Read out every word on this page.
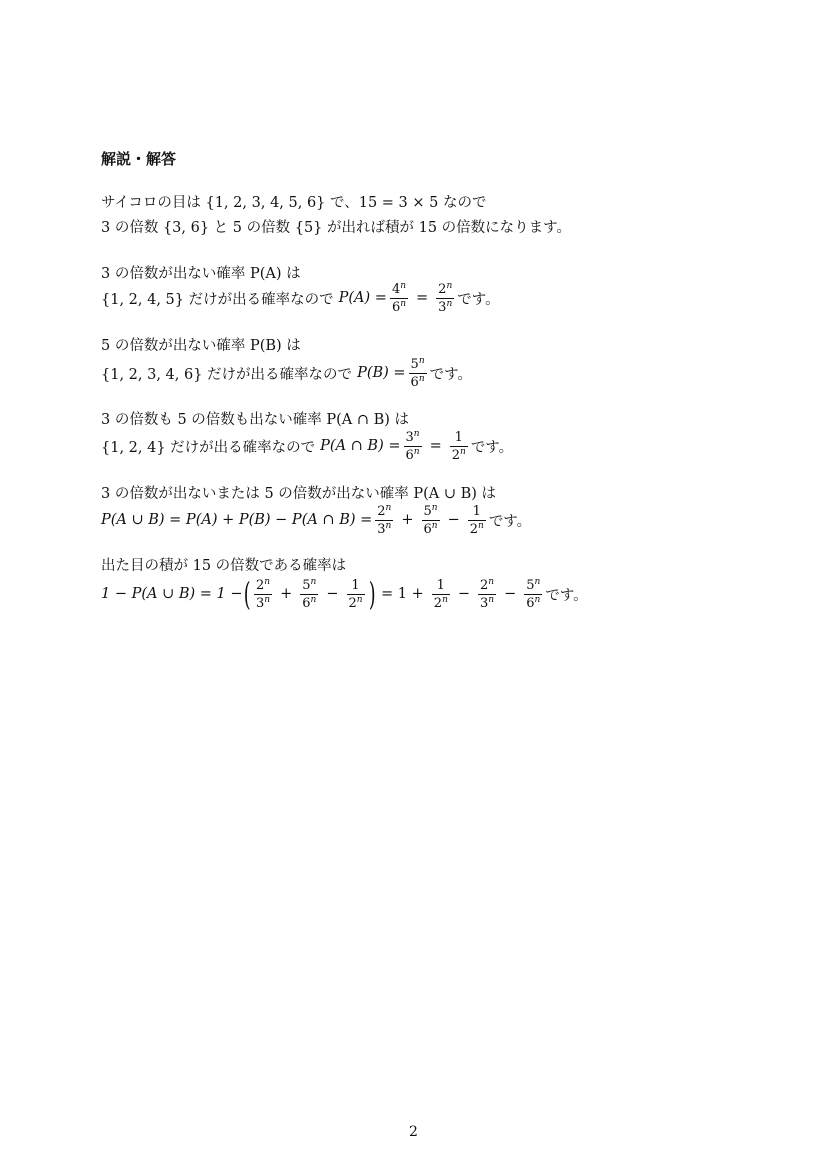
解説・解答
サイコロの目は {1, 2, 3, 4, 5, 6} で、15 = 3 × 5 なので
3 の倍数 {3, 6} と 5 の倍数 {5} が出れば積が 15 の倍数になります。
3 の倍数が出ない確率 P(A) は
{1, 2, 4, 5} だけが出る確率なので $P(A) = \frac{4^n}{6^n} = \frac{2^n}{3^n}$ です。
5 の倍数が出ない確率 P(B) は
{1, 2, 3, 4, 6} だけが出る確率なので $P(B) = \frac{5^n}{6^n}$ です。
3 の倍数も 5 の倍数も出ない確率 P(A ∩ B) は
{1, 2, 4} だけが出る確率なので P(A ∩ $B) = \frac{3^n}{6^n} = \frac{1}{2^n}$ です。
3 の倍数が出ないまたは 5 の倍数が出ない確率 P(A ∪ B) は
P(A ∪ B) = P(A) + P(B) − P(A ∩ $B) = \frac{2^n}{3^n} + \frac{5^n}{6^n} - \frac{1}{2^n}$ です。
出た目の積が 15 の倍数である確率は
1 − P(A ∪ B) = 1 − ( $\frac{2^n}{3^n} + \frac{5^n}{6^n} - \frac{1}{2^n}$ ) = $1 + \frac{1}{2^n} - \frac{2^n}{3^n} - \frac{5^n}{6^n}$ です。
2
